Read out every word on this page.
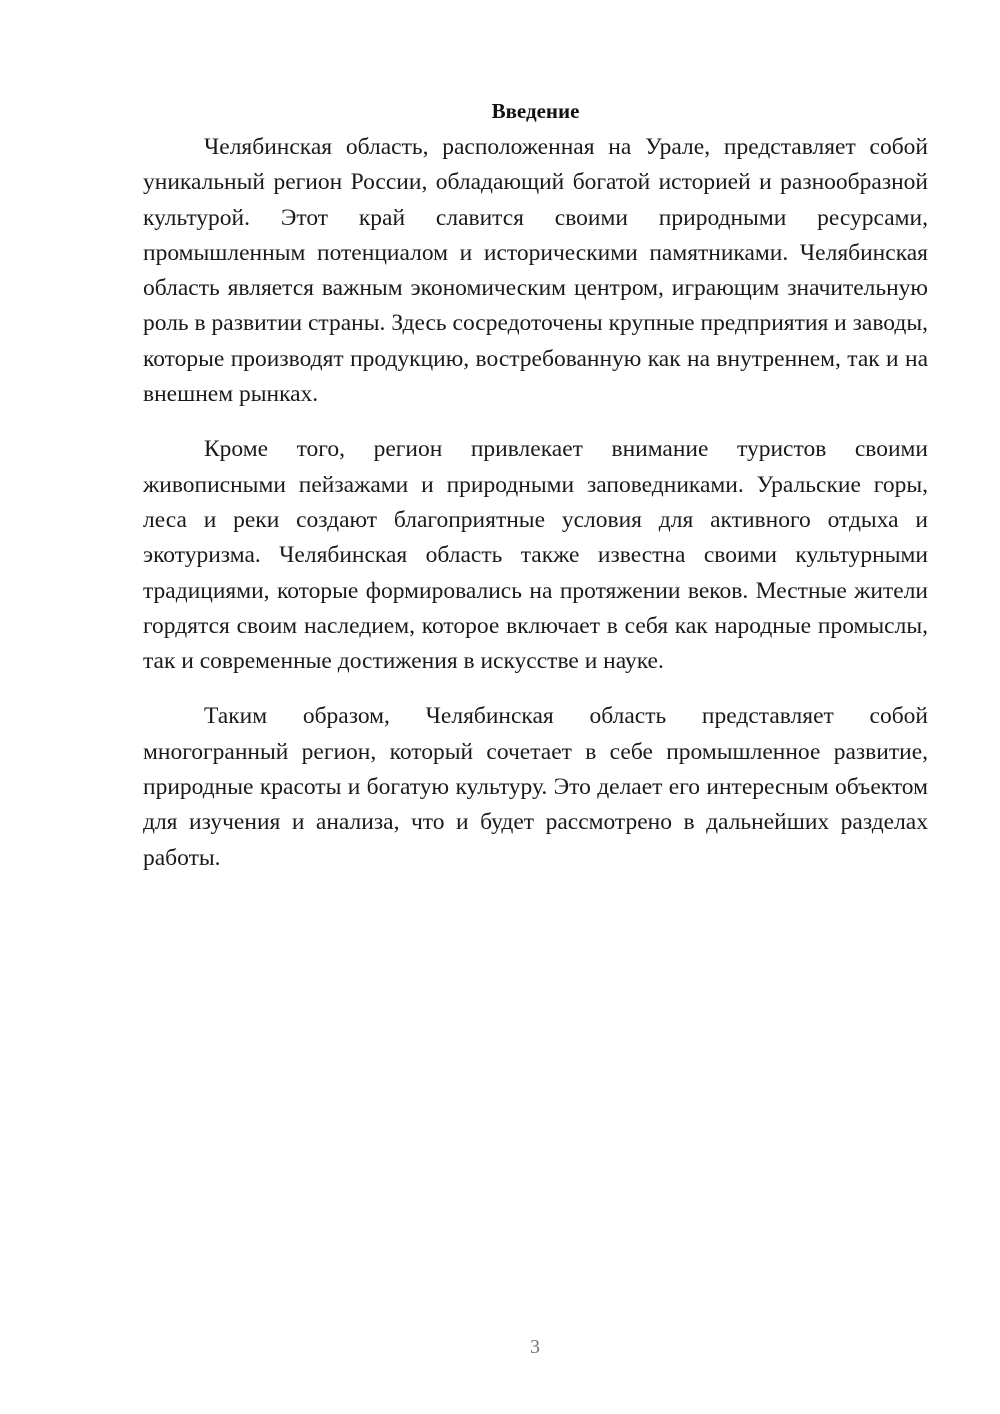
Введение

Челябинская область, расположенная на Урале, представляет собой уникальный регион России, обладающий богатой историей и разнообразной культурой. Этот край славится своими природными ресурсами, промышленным потенциалом и историческими памятниками. Челябинская область является важным экономическим центром, играющим значительную роль в развитии страны. Здесь сосредоточены крупные предприятия и заводы, которые производят продукцию, востребованную как на внутреннем, так и на внешнем рынках.

Кроме того, регион привлекает внимание туристов своими живописными пейзажами и природными заповедниками. Уральские горы, леса и реки создают благоприятные условия для активного отдыха и экотуризма. Челябинская область также известна своими культурными традициями, которые формировались на протяжении веков. Местные жители гордятся своим наследием, которое включает в себя как народные промыслы, так и современные достижения в искусстве и науке.

Таким образом, Челябинская область представляет собой многогранный регион, который сочетает в себе промышленное развитие, природные красоты и богатую культуру. Это делает его интересным объектом для изучения и анализа, что и будет рассмотрено в дальнейших разделах работы.

3
